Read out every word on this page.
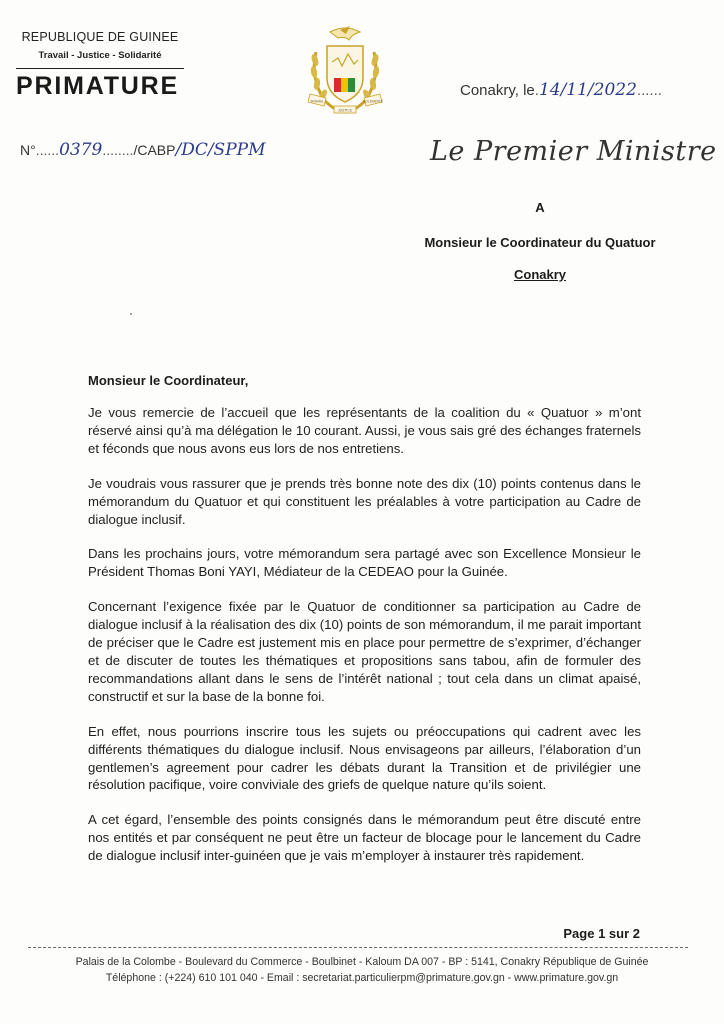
REPUBLIQUE DE GUINEE
Travail - Justice - Solidarité
PRIMATURE
TRAVAIL
JUSTICE
SOLIDARITÉ
Conakry, le.14/11/2022......
N°......0379......../CABP/DC/SPPM	Le Premier Ministre
A
Monsieur le Coordinateur du Quatuor
Conakry
Monsieur le Coordinateur,

Je vous remercie de l’accueil que les représentants de la coalition du « Quatuor » m’ont réservé ainsi qu’à ma délégation le 10 courant. Aussi, je vous sais gré des échanges fraternels et féconds que nous avons eus lors de nos entretiens.

Je voudrais vous rassurer que je prends très bonne note des dix (10) points contenus dans le mémorandum du Quatuor et qui constituent les préalables à votre participation au Cadre de dialogue inclusif.

Dans les prochains jours, votre mémorandum sera partagé avec son Excellence Monsieur le Président Thomas Boni YAYI, Médiateur de la CEDEAO pour la Guinée.

Concernant l’exigence fixée par le Quatuor de conditionner sa participation au Cadre de dialogue inclusif à la réalisation des dix (10) points de son mémorandum, il me parait important de préciser que le Cadre est justement mis en place pour permettre de s’exprimer, d’échanger et de discuter de toutes les thématiques et propositions sans tabou, afin de formuler des recommandations allant dans le sens de l’intérêt national ; tout cela dans un climat apaisé, constructif et sur la base de la bonne foi.

En effet, nous pourrions inscrire tous les sujets ou préoccupations qui cadrent avec les différents thématiques du dialogue inclusif. Nous envisageons par ailleurs, l’élaboration d’un gentlemen’s agreement pour cadrer les débats durant la Transition et de privilégier une résolution pacifique, voire conviviale des griefs de quelque nature qu’ils soient.

A cet égard, l’ensemble des points consignés dans le mémorandum peut être discuté entre nos entités et par conséquent ne peut être un facteur de blocage pour le lancement du Cadre de dialogue inclusif inter-guinéen que je vais m’employer à instaurer très rapidement.

Page 1 sur 2
Palais de la Colombe - Boulevard du Commerce - Boulbinet - Kaloum DA 007 - BP : 5141, Conakry République de Guinée
Téléphone : (+224) 610 101 040 - Email : secretariat.particulierpm@primature.gov.gn - www.primature.gov.gn
